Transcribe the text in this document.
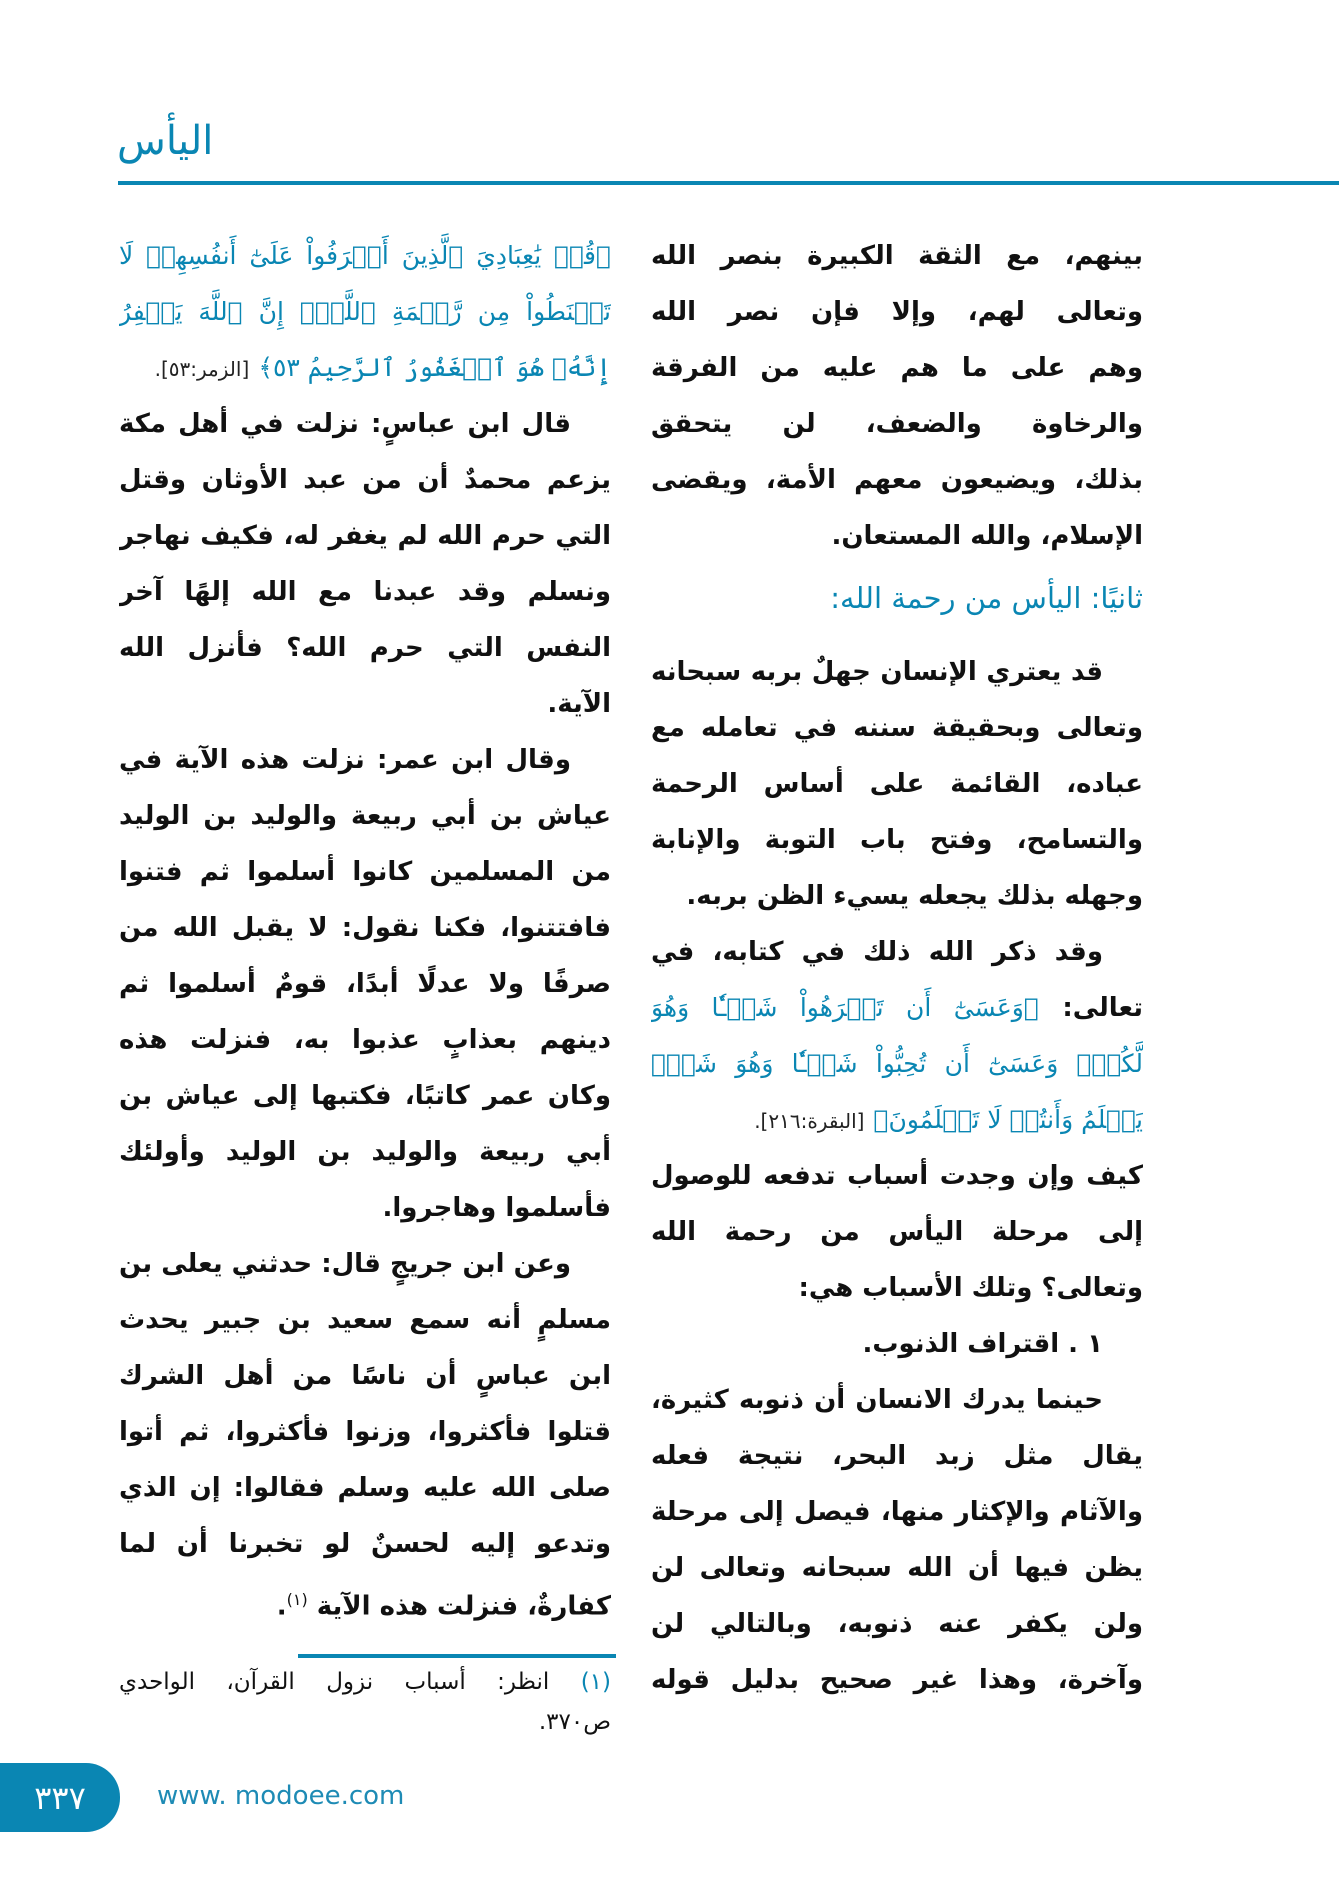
اليأس
بينهم، مع الثقة الكبيرة بنصر الله
وتعالى لهم، وإلا فإن نصر الله
وهم على ما هم عليه من الفرقة
والرخاوة والضعف، لن يتحقق
بذلك، ويضيعون معهم الأمة، ويقضى
الإسلام، والله المستعان.
ثانيًا: اليأس من رحمة الله:
قد يعتري الإنسان جهلٌ بربه سبحانه
وتعالى وبحقيقة سننه في تعامله مع
عباده، القائمة على أساس الرحمة
والتسامح، وفتح باب التوبة والإنابة
وجهله بذلك يجعله يسيء الظن بربه.
وقد ذكر الله ذلك في كتابه، في
تعالى: ﴿وَعَسَىٰٓ أَن تَكۡرَهُواْ شَيۡـٔٗا وَهُوَ
لَّكُمۡۖ وَعَسَىٰٓ أَن تُحِبُّواْ شَيۡـٔٗا وَهُوَ شَرّٞ
يَعۡلَمُ وَأَنتُمۡ لَا تَعۡلَمُونَ﴾ [البقرة:٢١٦].
كيف وإن وجدت أسباب تدفعه للوصول
إلى مرحلة اليأس من رحمة الله
وتعالى؟ وتلك الأسباب هي:
١ . اقتراف الذنوب.
حينما يدرك الانسان أن ذنوبه كثيرة،
يقال مثل زبد البحر، نتيجة فعله
والآثام والإكثار منها، فيصل إلى مرحلة
يظن فيها أن الله سبحانه وتعالى لن
ولن يكفر عنه ذنوبه، وبالتالي لن
وآخرة، وهذا غير صحيح بدليل قوله
﴿قُلۡ يَٰعِبَادِيَ ٱلَّذِينَ أَسۡرَفُواْ عَلَىٰٓ أَنفُسِهِمۡ لَا
تَقۡنَطُواْ مِن رَّحۡمَةِ ٱللَّهِۚ إِنَّ ٱللَّهَ يَغۡفِرُ
إِنَّهُۥ هُوَ ٱلۡغَفُورُ ٱلرَّحِيمُ ٥٣﴾ [الزمر:٥٣].
قال ابن عباسٍ: نزلت في أهل مكة
يزعم محمدٌ أن من عبد الأوثان وقتل
التي حرم الله لم يغفر له، فكيف نهاجر
ونسلم وقد عبدنا مع الله إلهًا آخر
النفس التي حرم الله؟ فأنزل الله
الآية.
وقال ابن عمر: نزلت هذه الآية في
عياش بن أبي ربيعة والوليد بن الوليد
من المسلمين كانوا أسلموا ثم فتنوا
فافتتنوا، فكنا نقول: لا يقبل الله من
صرفًا ولا عدلًا أبدًا، قومٌ أسلموا ثم
دينهم بعذابٍ عذبوا به، فنزلت هذه
وكان عمر كاتبًا، فكتبها إلى عياش بن
أبي ربيعة والوليد بن الوليد وأولئك
فأسلموا وهاجروا.
وعن ابن جريجٍ قال: حدثني يعلى بن
مسلمٍ أنه سمع سعيد بن جبير يحدث
ابن عباسٍ أن ناسًا من أهل الشرك
قتلوا فأكثروا، وزنوا فأكثروا، ثم أتوا
صلى الله عليه وسلم فقالوا: إن الذي
وتدعو إليه لحسنٌ لو تخبرنا أن لما
كفارةٌ، فنزلت هذه الآية $^{(١)}$.
(١) انظر: أسباب نزول القرآن، الواحدي
ص٣٧٠.
٣٣٧	www. modoee.com
